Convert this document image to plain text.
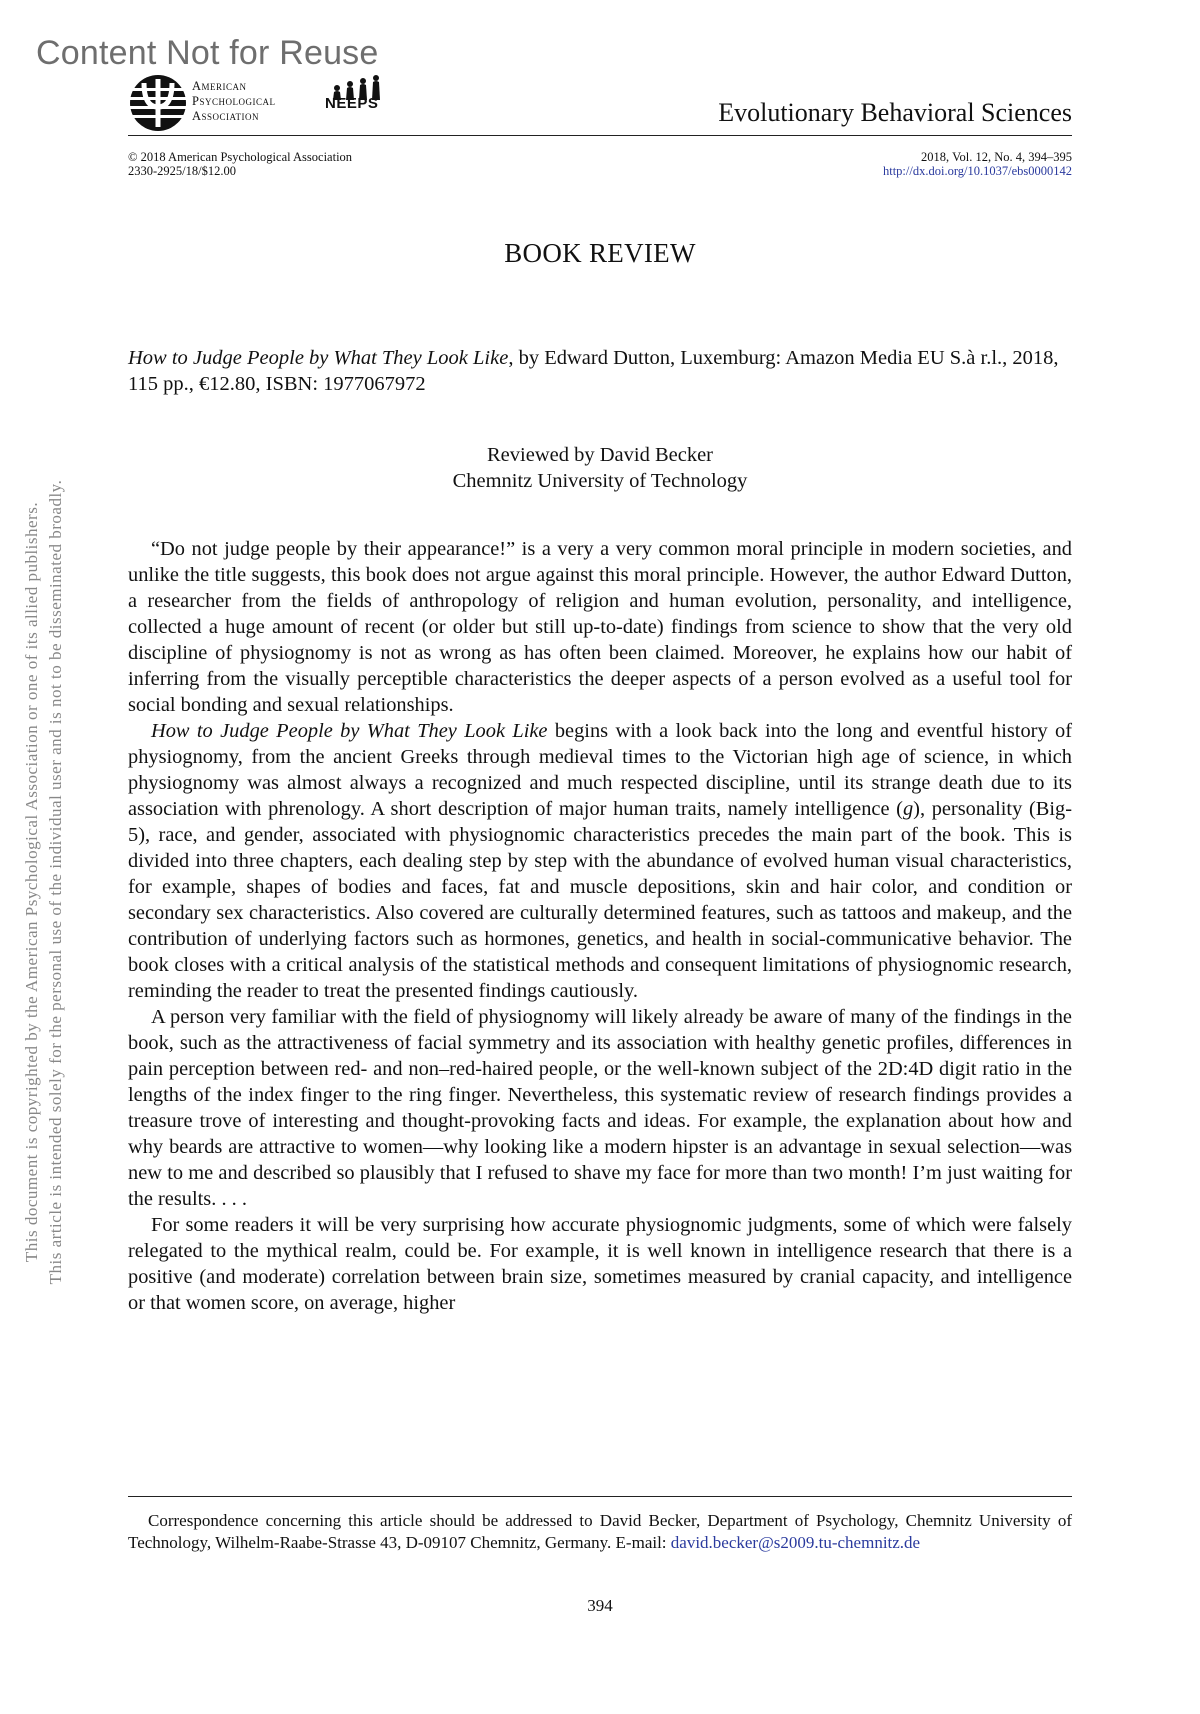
Content Not for Reuse
American
Psychological
Association
NEEPS	Evolutionary Behavioral Sciences
© 2018 American Psychological Association
2330-2925/18/$12.00
2018, Vol. 12, No. 4, 394–395
http://dx.doi.org/10.1037/ebs0000142
BOOK REVIEW
How to Judge People by What They Look Like, by Edward Dutton, Luxemburg: Amazon Media EU S.à r.l., 2018, 115 pp., €12.80, ISBN: 1977067972
Reviewed by David Becker
Chemnitz University of Technology
This document is copyrighted by the American Psychological Association or one of its allied publishers. This article is intended solely for the personal use of the individual user and is not to be disseminated broadly.	“Do not judge people by their appearance!” is a very a very common moral principle in modern societies, and unlike the title suggests, this book does not argue against this moral principle. However, the author Edward Dutton, a researcher from the fields of anthropology of religion and human evolution, personality, and intelligence, collected a huge amount of recent (or older but still up-to-date) findings from science to show that the very old discipline of physiognomy is not as wrong as has often been claimed. Moreover, he explains how our habit of inferring from the visually perceptible characteristics the deeper aspects of a person evolved as a useful tool for social bonding and sexual relationships.

How to Judge People by What They Look Like begins with a look back into the long and eventful history of physiognomy, from the ancient Greeks through medieval times to the Victorian high age of science, in which physiognomy was almost always a recognized and much respected discipline, until its strange death due to its association with phrenology. A short description of major human traits, namely intelligence (g), personality (Big-5), race, and gender, associated with physiognomic characteristics precedes the main part of the book. This is divided into three chapters, each dealing step by step with the abundance of evolved human visual characteristics, for example, shapes of bodies and faces, fat and muscle depositions, skin and hair color, and condition or secondary sex characteristics. Also covered are culturally determined features, such as tattoos and makeup, and the contribution of underlying factors such as hormones, genetics, and health in social-communicative behavior. The book closes with a critical analysis of the statistical methods and consequent limitations of physiognomic research, reminding the reader to treat the presented findings cautiously.

A person very familiar with the field of physiognomy will likely already be aware of many of the findings in the book, such as the attractiveness of facial symmetry and its association with healthy genetic profiles, differences in pain perception between red- and non–red-haired people, or the well-known subject of the 2D:4D digit ratio in the lengths of the index finger to the ring finger. Nevertheless, this systematic review of research findings provides a treasure trove of interesting and thought-provoking facts and ideas. For example, the explanation about how and why beards are attractive to women—why looking like a modern hipster is an advantage in sexual selection—was new to me and described so plausibly that I refused to shave my face for more than two month! I’m just waiting for the results. . . .

For some readers it will be very surprising how accurate physiognomic judgments, some of which were falsely relegated to the mythical realm, could be. For example, it is well known in intelligence research that there is a positive (and moderate) correlation between brain size, sometimes measured by cranial capacity, and intelligence or that women score, on average, higher

Correspondence concerning this article should be addressed to David Becker, Department of Psychology, Chemnitz University of Technology, Wilhelm-Raabe-Strasse 43, D-09107 Chemnitz, Germany. E-mail: david.becker@s2009.tu-chemnitz.de

394
